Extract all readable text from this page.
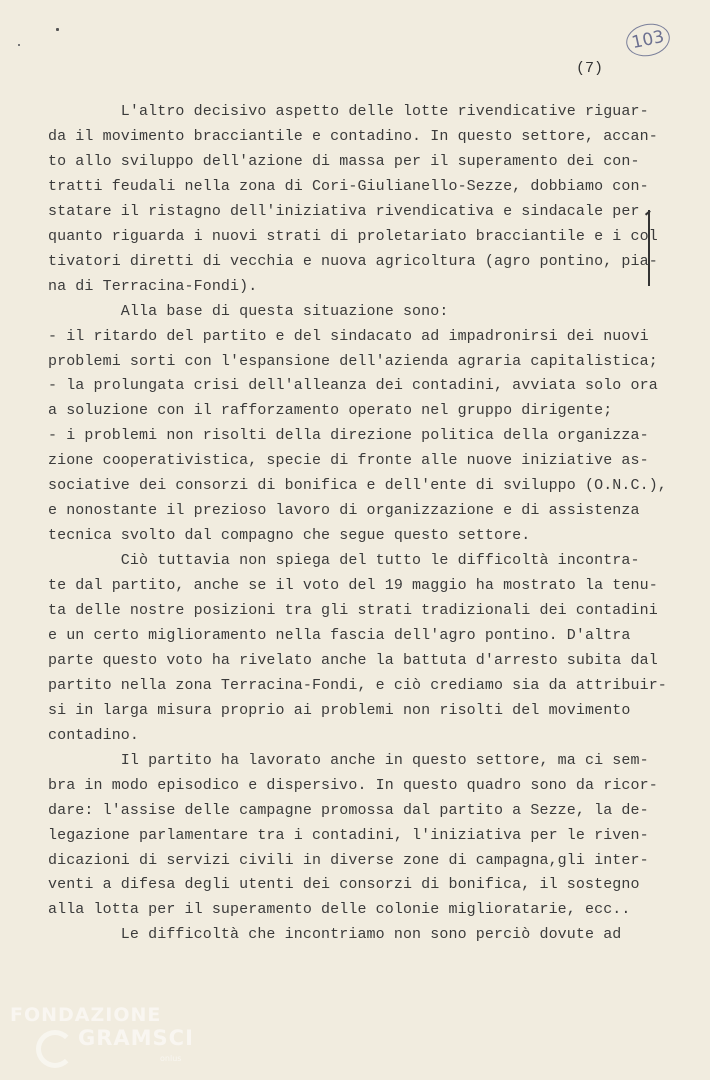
103
(7)
L'altro decisivo aspetto delle lotte rivendicative riguar-
da il movimento bracciantile e contadino. In questo settore, accan-
to allo sviluppo dell'azione di massa per il superamento dei con-
tratti feudali nella zona di Cori-Giulianello-Sezze, dobbiamo con-
statare il ristagno dell'iniziativa rivendicativa e sindacale per
quanto riguarda i nuovi strati di proletariato bracciantile e i col
tivatori diretti di vecchia e nuova agricoltura (agro pontino, pia-
na di Terracina-Fondi).
Alla base di questa situazione sono:
- il ritardo del partito e del sindacato ad impadronirsi dei nuovi
problemi sorti con l'espansione dell'azienda agraria capitalistica;
- la prolungata crisi dell'alleanza dei contadini, avviata solo ora
a soluzione con il rafforzamento operato nel gruppo dirigente;
- i problemi non risolti della direzione politica della organizza-
zione cooperativistica, specie di fronte alle nuove iniziative as-
sociative dei consorzi di bonifica e dell'ente di sviluppo (O.N.C.),
e nonostante il prezioso lavoro di organizzazione e di assistenza
tecnica svolto dal compagno che segue questo settore.
Ciò tuttavia non spiega del tutto le difficoltà incontra-
te dal partito, anche se il voto del 19 maggio ha mostrato la tenu-
ta delle nostre posizioni tra gli strati tradizionali dei contadini
e un certo miglioramento nella fascia dell'agro pontino. D'altra
parte questo voto ha rivelato anche la battuta d'arresto subita dal
partito nella zona Terracina-Fondi, e ciò crediamo sia da attribuir-
si in larga misura proprio ai problemi non risolti del movimento
contadino.
Il partito ha lavorato anche in questo settore, ma ci sem-
bra in modo episodico e dispersivo. In questo quadro sono da ricor-
dare: l'assise delle campagne promossa dal partito a Sezze, la de-
legazione parlamentare tra i contadini, l'iniziativa per le riven-
dicazioni di servizi civili in diverse zone di campagna,gli inter-
venti a difesa degli utenti dei consorzi di bonifica, il sostegno
alla lotta per il superamento delle colonie miglioratarie, ecc..
Le difficoltà che incontriamo non sono perciò dovute ad
FONDAZIONE
GRAMSCI
onlus
